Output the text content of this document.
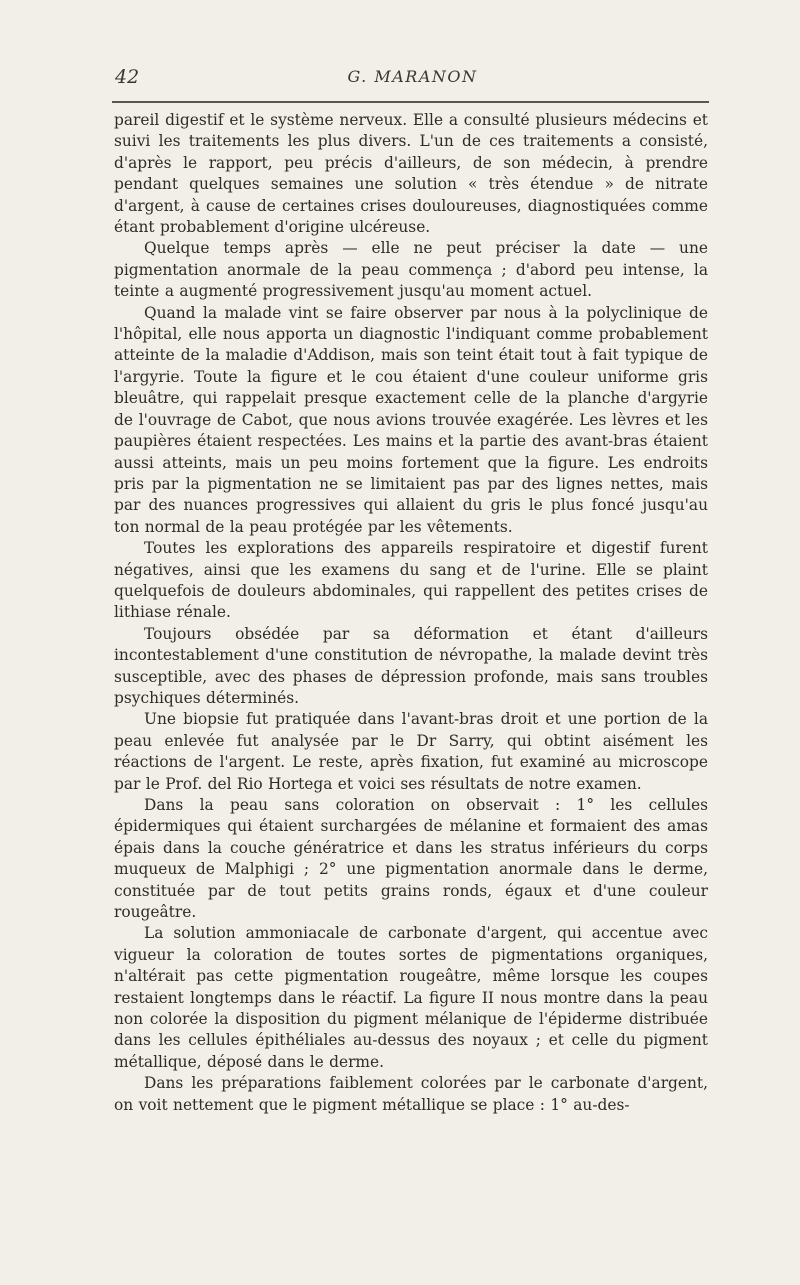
42	G. MARANON

pareil digestif et le système nerveux. Elle a consulté plusieurs médecins et suivi les traitements les plus divers. L'un de ces traitements a consisté, d'après le rapport, peu précis d'ailleurs, de son médecin, à prendre pendant quelques semaines une solution « très étendue » de nitrate d'argent, à cause de certaines crises douloureuses, diagnostiquées comme étant probablement d'origine ulcéreuse.

Quelque temps après — elle ne peut préciser la date — une pigmentation anormale de la peau commença ; d'abord peu intense, la teinte a augmenté progressivement jusqu'au moment actuel.

Quand la malade vint se faire observer par nous à la polyclinique de l'hôpital, elle nous apporta un diagnostic l'indiquant comme probablement atteinte de la maladie d'Addison, mais son teint était tout à fait typique de l'argyrie. Toute la figure et le cou étaient d'une couleur uniforme gris bleuâtre, qui rappelait presque exactement celle de la planche d'argyrie de l'ouvrage de Cabot, que nous avions trouvée exagérée. Les lèvres et les paupières étaient respectées. Les mains et la partie des avant-bras étaient aussi atteints, mais un peu moins fortement que la figure. Les endroits pris par la pigmentation ne se limitaient pas par des lignes nettes, mais par des nuances progressives qui allaient du gris le plus foncé jusqu'au ton normal de la peau protégée par les vêtements.

Toutes les explorations des appareils respiratoire et digestif furent négatives, ainsi que les examens du sang et de l'urine. Elle se plaint quelquefois de douleurs abdominales, qui rappellent des petites crises de lithiase rénale.

Toujours obsédée par sa déformation et étant d'ailleurs incontestablement d'une constitution de névropathe, la malade devint très susceptible, avec des phases de dépression profonde, mais sans troubles psychiques déterminés.

Une biopsie fut pratiquée dans l'avant-bras droit et une portion de la peau enlevée fut analysée par le Dr Sarry, qui obtint aisément les réactions de l'argent. Le reste, après fixation, fut examiné au microscope par le Prof. del Rio Hortega et voici ses résultats de notre examen.

Dans la peau sans coloration on observait : 1° les cellules épidermiques qui étaient surchargées de mélanine et formaient des amas épais dans la couche génératrice et dans les stratus inférieurs du corps muqueux de Malphigi ; 2° une pigmentation anormale dans le derme, constituée par de tout petits grains ronds, égaux et d'une couleur rougeâtre.

La solution ammoniacale de carbonate d'argent, qui accentue avec vigueur la coloration de toutes sortes de pigmentations organiques, n'altérait pas cette pigmentation rougeâtre, même lorsque les coupes restaient longtemps dans le réactif. La figure II nous montre dans la peau non colorée la disposition du pigment mélanique de l'épiderme distribuée dans les cellules épithéliales au-dessus des noyaux ; et celle du pigment métallique, déposé dans le derme.

Dans les préparations faiblement colorées par le carbonate d'argent, on voit nettement que le pigment métallique se place : 1° au-des-
